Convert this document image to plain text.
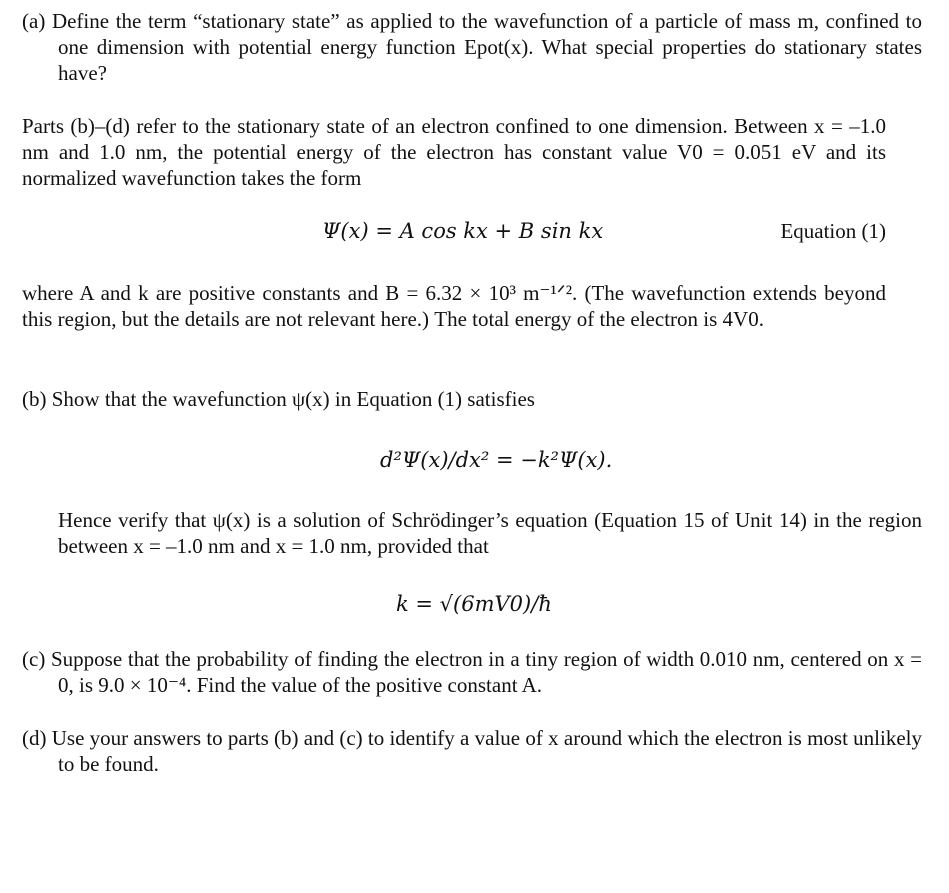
(a) Define the term “stationary state” as applied to the wavefunction of a particle of mass m, confined to one dimension with potential energy function Epot(x). What special properties do stationary states have?
Parts (b)–(d) refer to the stationary state of an electron confined to one dimension. Between x = –1.0 nm and 1.0 nm, the potential energy of the electron has constant value V0 = 0.051 eV and its normalized wavefunction takes the form
Ψ(x) = A cos kx + B sin kx	Equation (1)
where A and k are positive constants and B = 6.32 × 10³ m⁻¹ᐟ². (The wavefunction extends beyond this region, but the details are not relevant here.) The total energy of the electron is 4V0.
(b) Show that the wavefunction ψ(x) in Equation (1) satisfies
d²Ψ(x)/dx² = −k²Ψ(x).
Hence verify that ψ(x) is a solution of Schrödinger’s equation (Equation 15 of Unit 14) in the region between x = –1.0 nm and x = 1.0 nm, provided that
k = √(6mV0)/ħ
(c) Suppose that the probability of finding the electron in a tiny region of width 0.010 nm, centered on x = 0, is 9.0 × 10⁻⁴. Find the value of the positive constant A.
(d) Use your answers to parts (b) and (c) to identify a value of x around which the electron is most unlikely to be found.
